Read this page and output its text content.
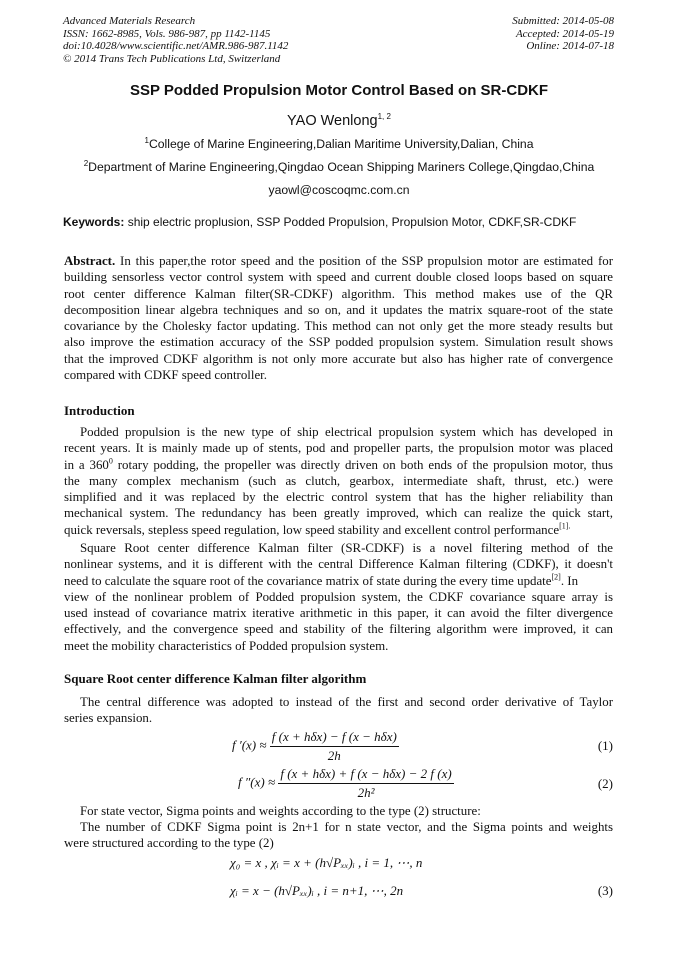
Advanced Materials Research
ISSN: 1662-8985, Vols. 986-987, pp 1142-1145
doi:10.4028/www.scientific.net/AMR.986-987.1142
© 2014 Trans Tech Publications Ltd, Switzerland
Submitted: 2014-05-08
Accepted: 2014-05-19
Online: 2014-07-18
SSP Podded Propulsion Motor Control Based on SR-CDKF
YAO Wenlong$^{1, 2}$
$^1$College of Marine Engineering,Dalian Maritime University,Dalian, China
$^2$Department of Marine Engineering,Qingdao Ocean Shipping Mariners College,Qingdao,China
yaowl@coscoqmc.com.cn
Keywords: ship electric proplusion, SSP Podded Propulsion, Propulsion Motor, CDKF,SR-CDKF
Abstract. In this paper,the rotor speed and the position of the SSP propulsion motor are estimated for
building sensorless vector control system with speed and current double closed loops based on square
root center difference Kalman filter(SR-CDKF) algorithm. This method makes use of the QR
decomposition linear algebra techniques and so on, and it updates the matrix square-root of the state
covariance by the Cholesky factor updating. This method can not only get the more steady results but
also improve the estimation accuracy of the SSP podded propulsion system. Simulation result shows
that the improved CDKF algorithm is not only more accurate but also has higher rate of convergence
compared with CDKF speed controller.
Introduction
Podded propulsion is the new type of ship electrical propulsion system which has developed in
recent years. It is mainly made up of stents, pod and propeller parts, the propulsion motor was placed
in a $360^0$ rotary podding, the propeller was directly driven on both ends of the propulsion motor, thus
the many complex mechanism (such as clutch, gearbox, intermediate shaft, thrust, etc.) were
simplified and it was replaced by the electric control system that has the higher reliability than
mechanical system. The redundancy has been greatly improved, which can realize the quick start,
quick reversals, stepless speed regulation, low speed stability and excellent control performance$^{[1].}$
Square Root center difference Kalman filter (SR-CDKF) is a novel filtering method of the
nonlinear systems, and it is different with the central Difference Kalman filtering (CDKF), it doesn't
need to calculate the square root of the covariance matrix of state during the every time update[2]. In
view of the nonlinear problem of Podded propulsion system, the CDKF covariance square array is
used instead of covariance matrix iterative arithmetic in this paper, it can avoid the filter divergence
effectively, and the convergence speed and stability of the filtering algorithm were improved, it can
meet the mobility characteristics of Podded propulsion system.
Square Root center difference Kalman filter algorithm
The central difference was adopted to instead of the first and second order derivative of Taylor
series expansion.
f $'(x) \approx \frac{\text{f (x + hδx) − f (x − hδx)}}{2h}$	(1)
f $''(x) \approx \frac{\text{f (x + hδx) + f (x − hδx) − 2 f (x)}}{\text{2h²}}$	(2)
For state vector, Sigma points and weights according to the type (2) structure:
The number of CDKF Sigma point is 2n+1 for n state vector, and the Sigma points and weights
were structured according to the type (2)
χ₀ = x , χᵢ = x + (h√Pₓₓ)ᵢ , i = 1, ⋯, n
χᵢ = x − (h√Pₓₓ)ᵢ , i = n+1, ⋯, 2n	(3)
